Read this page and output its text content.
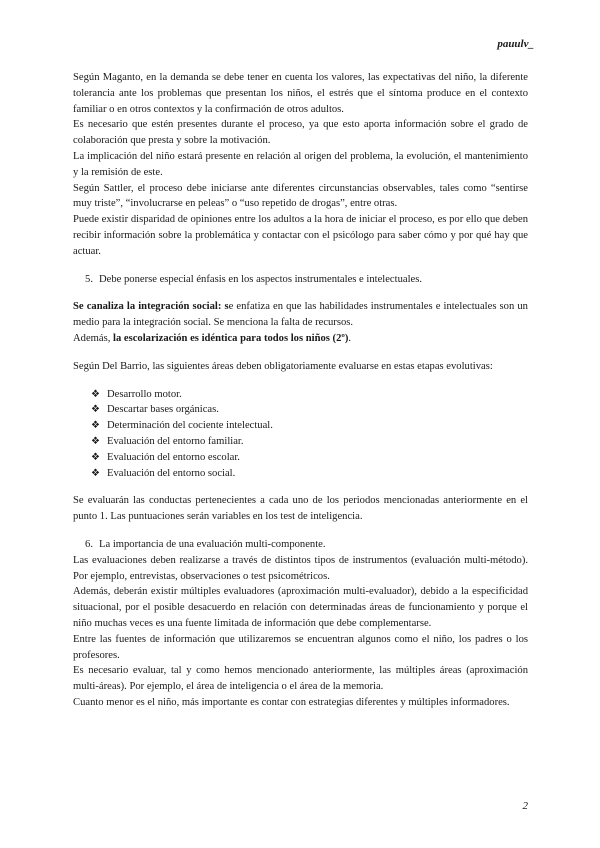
pauulv_

Según Maganto, en la demanda se debe tener en cuenta los valores, las expectativas del niño, la diferente tolerancia ante los problemas que presentan los niños, el estrés que el síntoma produce en el contexto familiar o en otros contextos y la confirmación de otros adultos.

Es necesario que estén presentes durante el proceso, ya que esto aporta información sobre el grado de colaboración que presta y sobre la motivación.

La implicación del niño estará presente en relación al origen del problema, la evolución, el mantenimiento y la remisión de este.

Según Sattler, el proceso debe iniciarse ante diferentes circunstancias observables, tales como “sentirse muy triste”, “involucrarse en peleas” o “uso repetido de drogas”, entre otras.

Puede existir disparidad de opiniones entre los adultos a la hora de iniciar el proceso, es por ello que deben recibir información sobre la problemática y contactar con el psicólogo para saber cómo y por qué hay que actuar.

5. Debe ponerse especial énfasis en los aspectos instrumentales e intelectuales.

Se canaliza la integración social: se enfatiza en que las habilidades instrumentales e intelectuales son un medio para la integración social. Se menciona la falta de recursos.
Además, la escolarización es idéntica para todos los niños (2º).

Según Del Barrio, las siguientes áreas deben obligatoriamente evaluarse en estas etapas evolutivas:

❖ Desarrollo motor.
❖ Descartar bases orgánicas.
❖ Determinación del cociente intelectual.
❖ Evaluación del entorno familiar.
❖ Evaluación del entorno escolar.
❖ Evaluación del entorno social.

Se evaluarán las conductas pertenecientes a cada uno de los periodos mencionadas anteriormente en el punto 1. Las puntuaciones serán variables en los test de inteligencia.

6. La importancia de una evaluación multi-componente.

Las evaluaciones deben realizarse a través de distintos tipos de instrumentos (evaluación multi-método). Por ejemplo, entrevistas, observaciones o test psicométricos.

Además, deberán existir múltiples evaluadores (aproximación multi-evaluador), debido a la especificidad situacional, por el posible desacuerdo en relación con determinadas áreas de funcionamiento y porque el niño muchas veces es una fuente limitada de información que debe complementarse.

Entre las fuentes de información que utilizaremos se encuentran algunos como el niño, los padres o los profesores.

Es necesario evaluar, tal y como hemos mencionado anteriormente, las múltiples áreas (aproximación multi-áreas). Por ejemplo, el área de inteligencia o el área de la memoria.

Cuanto menor es el niño, más importante es contar con estrategias diferentes y múltiples informadores.

2
